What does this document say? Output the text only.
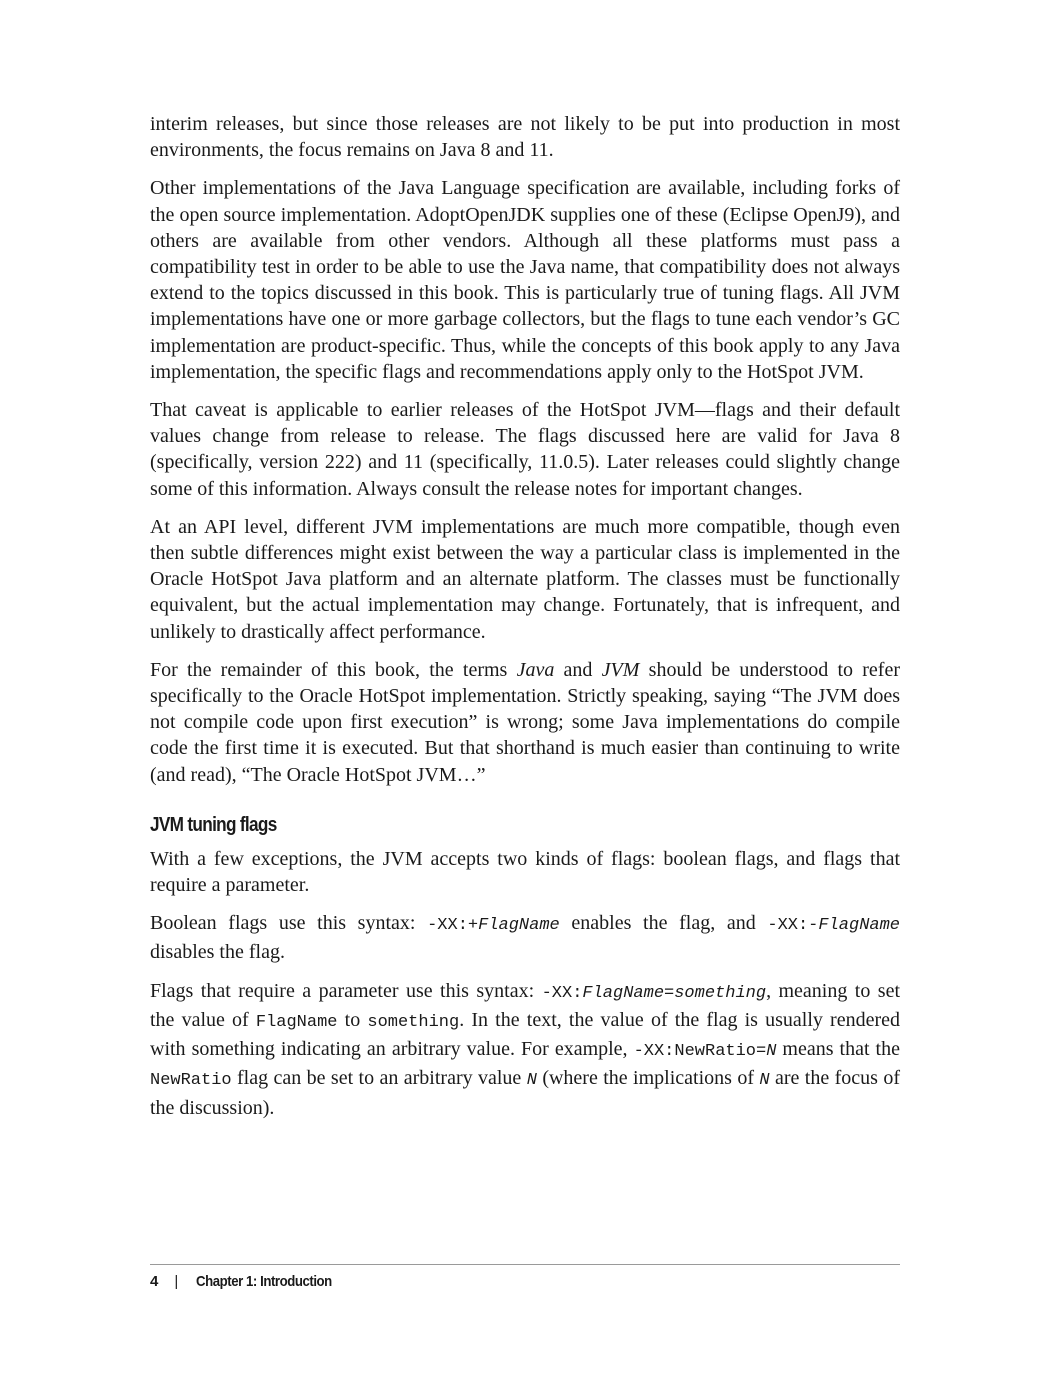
interim releases, but since those releases are not likely to be put into production in most environments, the focus remains on Java 8 and 11.

Other implementations of the Java Language specification are available, including forks of the open source implementation. AdoptOpenJDK supplies one of these (Eclipse OpenJ9), and others are available from other vendors. Although all these platforms must pass a compatibility test in order to be able to use the Java name, that compatibility does not always extend to the topics discussed in this book. This is particularly true of tuning flags. All JVM implementations have one or more garbage collectors, but the flags to tune each vendor’s GC implementation are product-specific. Thus, while the concepts of this book apply to any Java implementation, the specific flags and recommendations apply only to the HotSpot JVM.

That caveat is applicable to earlier releases of the HotSpot JVM—flags and their default values change from release to release. The flags discussed here are valid for Java 8 (specifically, version 222) and 11 (specifically, 11.0.5). Later releases could slightly change some of this information. Always consult the release notes for important changes.

At an API level, different JVM implementations are much more compatible, though even then subtle differences might exist between the way a particular class is implemented in the Oracle HotSpot Java platform and an alternate platform. The classes must be functionally equivalent, but the actual implementation may change. Fortunately, that is infrequent, and unlikely to drastically affect performance.

For the remainder of this book, the terms Java and JVM should be understood to refer specifically to the Oracle HotSpot implementation. Strictly speaking, saying “The JVM does not compile code upon first execution” is wrong; some Java implementations do compile code the first time it is executed. But that shorthand is much easier than continuing to write (and read), “The Oracle HotSpot JVM…”

JVM tuning flags

With a few exceptions, the JVM accepts two kinds of flags: boolean flags, and flags that require a parameter.

Boolean flags use this syntax: -XX:+FlagName enables the flag, and -XX:-FlagName disables the flag.

Flags that require a parameter use this syntax: -XX:FlagName=something, meaning to set the value of FlagName to something. In the text, the value of the flag is usually rendered with something indicating an arbitrary value. For example, -XX:NewRatio=N means that the NewRatio flag can be set to an arbitrary value N (where the implications of N are the focus of the discussion).

4 | Chapter 1: Introduction
